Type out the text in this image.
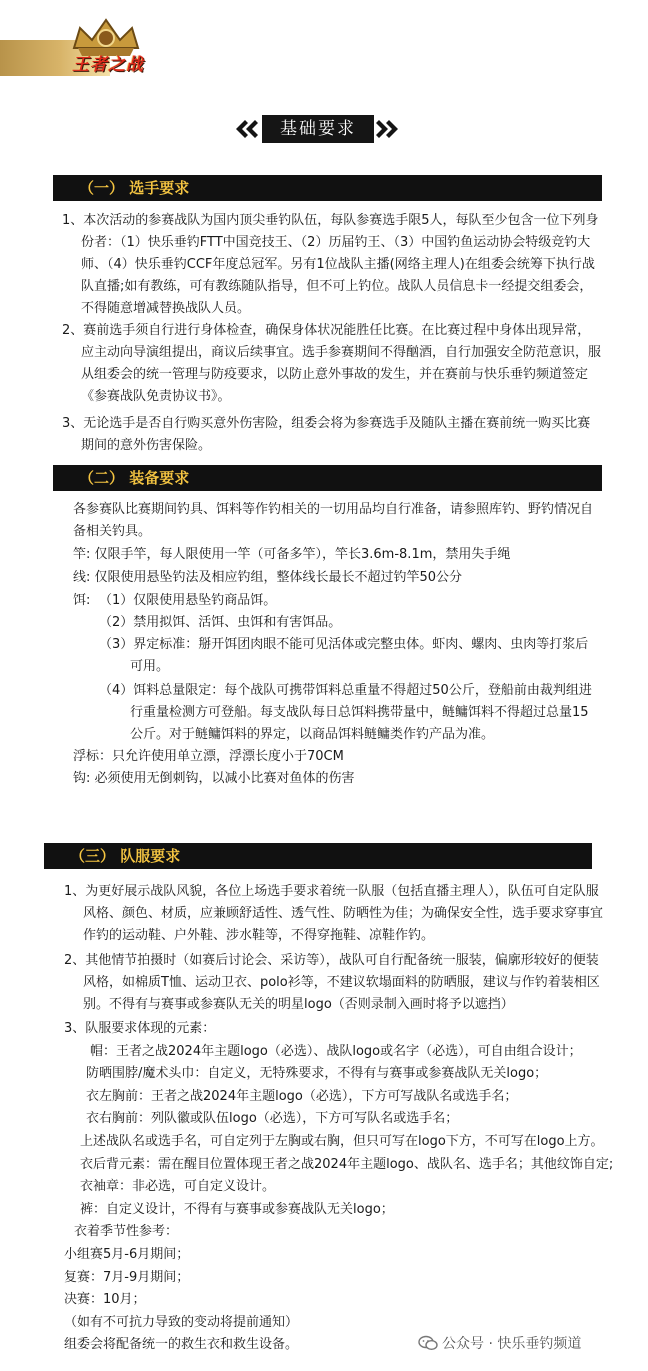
王者之战
基础要求
（一） 选手要求
1、本次活动的参赛战队为国内顶尖垂钓队伍，每队参赛选手限5人，每队至少包含一位下列身份者：（1）快乐垂钓FTT中国竞技王、（2）历届钓王、（3）中国钓鱼运动协会特级竞钓大师、（4）快乐垂钓CCF年度总冠军。另有1位战队主播(网络主理人)在组委会统筹下执行战队直播;如有教练，可有教练随队指导，但不可上钓位。战队人员信息卡一经提交组委会，不得随意增减替换战队人员。
2、赛前选手须自行进行身体检查，确保身体状况能胜任比赛。在比赛过程中身体出现异常，应主动向导演组提出，商议后续事宜。选手参赛期间不得酗酒，自行加强安全防范意识，服从组委会的统一管理与防疫要求，以防止意外事故的发生，并在赛前与快乐垂钓频道签定《参赛战队免责协议书》。
3、无论选手是否自行购买意外伤害险，组委会将为参赛选手及随队主播在赛前统一购买比赛期间的意外伤害保险。
（二） 装备要求
各参赛队比赛期间钓具、饵料等作钓相关的一切用品均自行准备，请参照库钓、野钓情况自备相关钓具。
竿: 仅限手竿，每人限使用一竿（可备多竿），竿长3.6m-8.1m，禁用失手绳
线: 仅限使用悬坠钓法及相应钓组，整体线长最长不超过钓竿50公分
饵: （1）仅限使用悬坠钓商品饵。
（2）禁用拟饵、活饵、虫饵和有害饵品。
（3）界定标准：掰开饵团肉眼不能可见活体或完整虫体。虾肉、螺肉、虫肉等打浆后可用。
（4）饵料总量限定：每个战队可携带饵料总重量不得超过50公斤，登船前由裁判组进行重量检测方可登船。每支战队每日总饵料携带量中，鲢鳙饵料不得超过总量15公斤。对于鲢鳙饵料的界定，以商品饵料鲢鳙类作钓产品为准。
浮标：只允许使用单立漂，浮漂长度小于70CM
钩: 必须使用无倒刺钩，以减小比赛对鱼体的伤害
（三） 队服要求
1、为更好展示战队风貌，各位上场选手要求着统一队服（包括直播主理人），队伍可自定队服风格、颜色、材质，应兼顾舒适性、透气性、防晒性为佳；为确保安全性，选手要求穿事宜作钓的运动鞋、户外鞋、涉水鞋等，不得穿拖鞋、凉鞋作钓。
2、其他情节拍摄时（如赛后讨论会、采访等），战队可自行配备统一服装，偏廓形较好的便装风格，如棉质T恤、运动卫衣、polo衫等，不建议软塌面料的防晒服，建议与作钓着装相区别。不得有与赛事或参赛队无关的明星logo（否则录制入画时将予以遮挡）
3、队服要求体现的元素：
帽：王者之战2024年主题logo（必选）、战队logo或名字（必选），可自由组合设计；
防晒围脖/魔术头巾：自定义，无特殊要求，不得有与赛事或参赛战队无关logo；
衣左胸前：王者之战2024年主题logo（必选），下方可写战队名或选手名；
衣右胸前：列队徽或队伍logo（必选），下方可写队名或选手名；
上述战队名或选手名，可自定列于左胸或右胸，但只可写在logo下方，不可写在logo上方。
衣后背元素：需在醒目位置体现王者之战2024年主题logo、战队名、选手名；其他纹饰自定;
衣袖章：非必选，可自定义设计。
裤：自定义设计，不得有与赛事或参赛战队无关logo；
衣着季节性参考：
小组赛5月-6月期间；
复赛：7月-9月期间；
决赛：10月；
（如有不可抗力导致的变动将提前通知）
组委会将配备统一的救生衣和救生设备。	公众号 · 快乐垂钓频道
